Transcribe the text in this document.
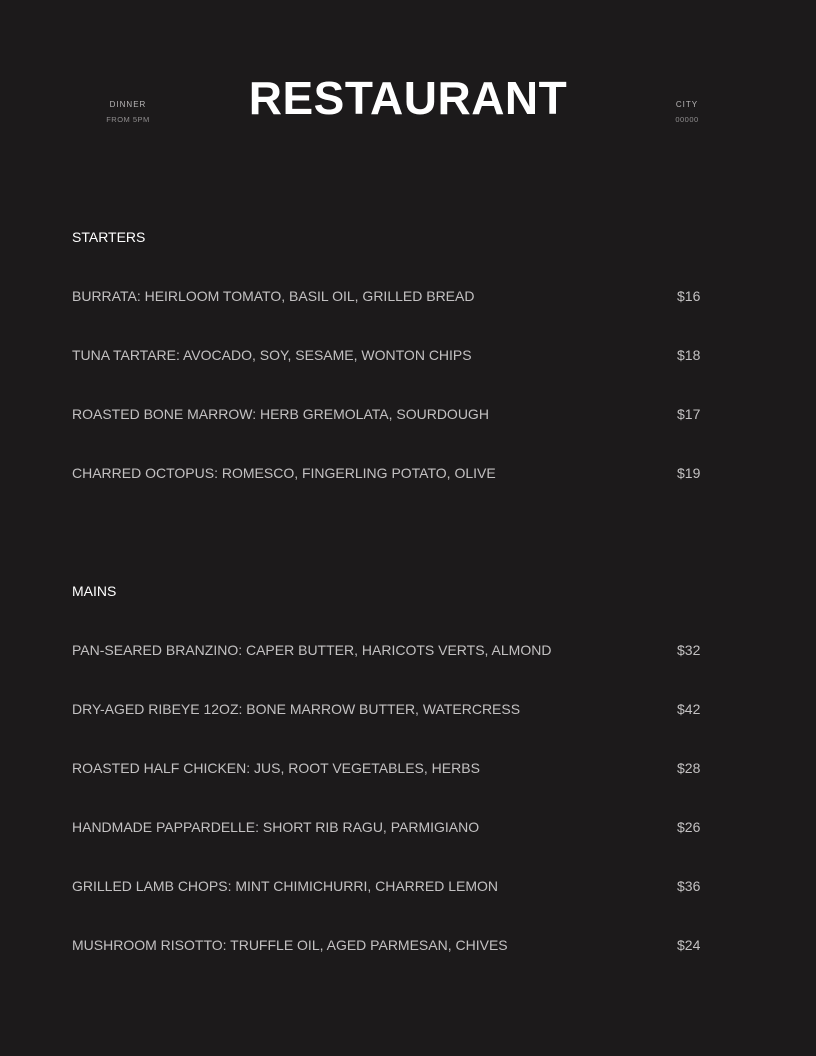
DINNER
FROM 5PM	RESTAURANT	CITY
00000
STARTERS
BURRATA: HEIRLOOM TOMATO, BASIL OIL, GRILLED BREAD	$16
TUNA TARTARE: AVOCADO, SOY, SESAME, WONTON CHIPS	$18
ROASTED BONE MARROW: HERB GREMOLATA, SOURDOUGH	$17
CHARRED OCTOPUS: ROMESCO, FINGERLING POTATO, OLIVE	$19
MAINS
PAN-SEARED BRANZINO: CAPER BUTTER, HARICOTS VERTS, ALMOND	$32
DRY-AGED RIBEYE 12OZ: BONE MARROW BUTTER, WATERCRESS	$42
ROASTED HALF CHICKEN: JUS, ROOT VEGETABLES, HERBS	$28
HANDMADE PAPPARDELLE: SHORT RIB RAGU, PARMIGIANO	$26
GRILLED LAMB CHOPS: MINT CHIMICHURRI, CHARRED LEMON	$36
MUSHROOM RISOTTO: TRUFFLE OIL, AGED PARMESAN, CHIVES	$24
